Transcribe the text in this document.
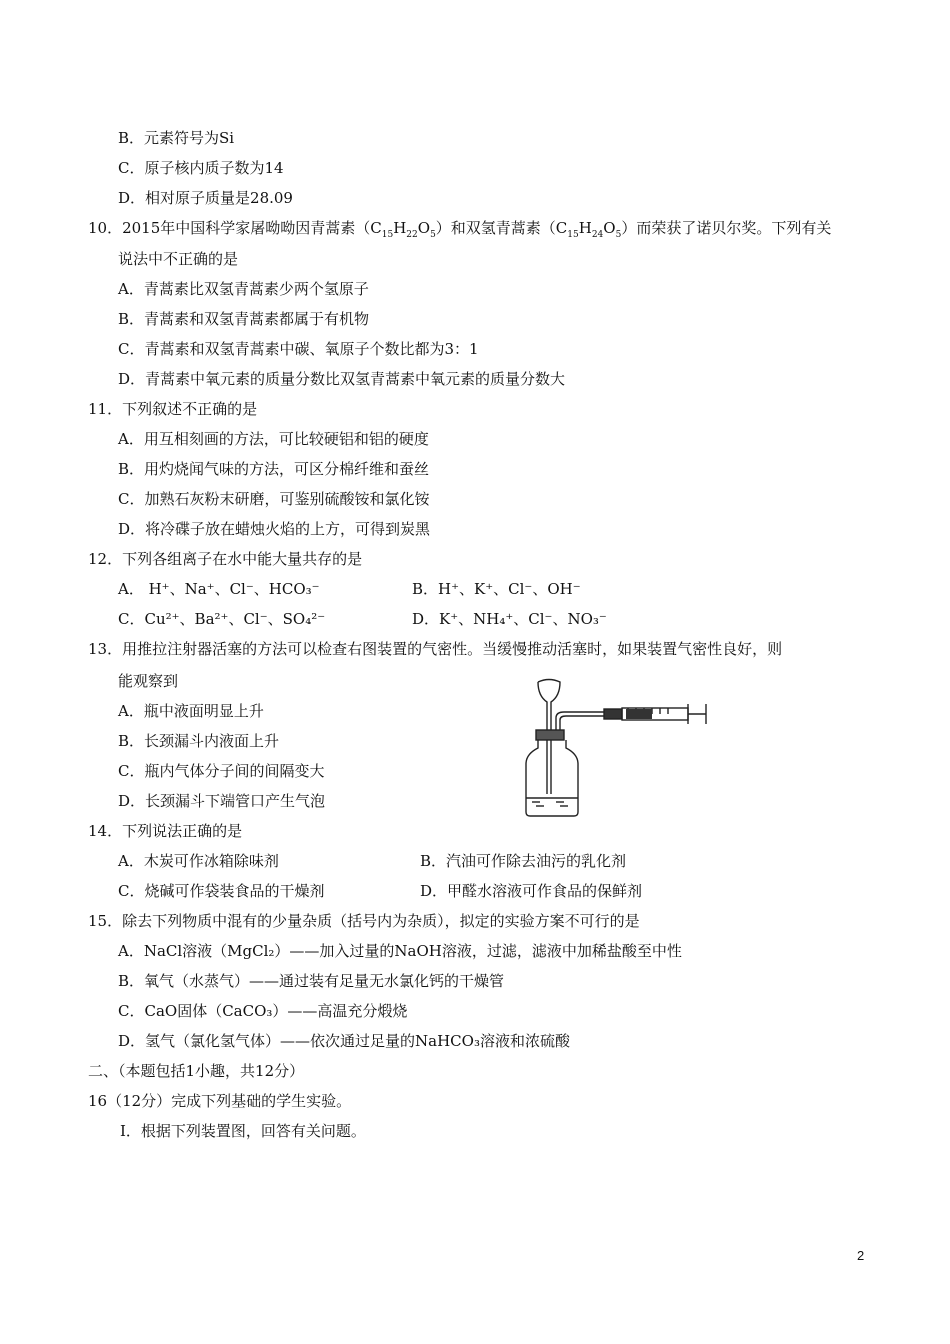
B．元素符号为Si
C．原子核内质子数为14
D．相对原子质量是28.09
10．2015年中国科学家屠呦呦因青蒿素$(C_{15}H_{22}O_5)$和双氢青蒿素$(C_{15}H_{24}O_5)$而荣获了诺贝尔奖。下列有关
说法中不正确的是
A．青蒿素比双氢青蒿素少两个氢原子
B．青蒿素和双氢青蒿素都属于有机物
C．青蒿素和双氢青蒿素中碳、氧原子个数比都为3：1
D．青蒿素中氧元素的质量分数比双氢青蒿素中氧元素的质量分数大
11．下列叙述不正确的是
A．用互相刻画的方法，可比较硬铝和铝的硬度
B．用灼烧闻气味的方法，可区分棉纤维和蚕丝
C．加熟石灰粉末研磨，可鉴别硫酸铵和氯化铵
D．将冷碟子放在蜡烛火焰的上方，可得到炭黑
12．下列各组离子在水中能大量共存的是
A． H⁺、Na⁺、Cl⁻、HCO₃⁻	B．H⁺、K⁺、Cl⁻、OH⁻
C．Cu²⁺、Ba²⁺、Cl⁻、SO₄²⁻	D．K⁺、NH₄⁺、Cl⁻、NO₃⁻
13．用推拉注射器活塞的方法可以检查右图装置的气密性。当缓慢推动活塞时，如果装置气密性良好，则
能观察到
A．瓶中液面明显上升
B．长颈漏斗内液面上升
C．瓶内气体分子间的间隔变大
D．长颈漏斗下端管口产生气泡
14．下列说法正确的是
A．木炭可作冰箱除味剂	B．汽油可作除去油污的乳化剂
C．烧碱可作袋装食品的干燥剂	D．甲醛水溶液可作食品的保鲜剂
15．除去下列物质中混有的少量杂质（括号内为杂质），拟定的实验方案不可行的是
A．NaCl溶液（MgCl₂）——加入过量的NaOH溶液，过滤，滤液中加稀盐酸至中性
B．氧气（水蒸气）——通过装有足量无水氯化钙的干燥管
C．CaO固体（CaCO₃）——高温充分煅烧
D．氢气（氯化氢气体）——依次通过足量的NaHCO₃溶液和浓硫酸
二、（本题包括1小趣，共12分）
16（12分）完成下列基础的学生实验。
I．根据下列装置图，回答有关问题。
2
